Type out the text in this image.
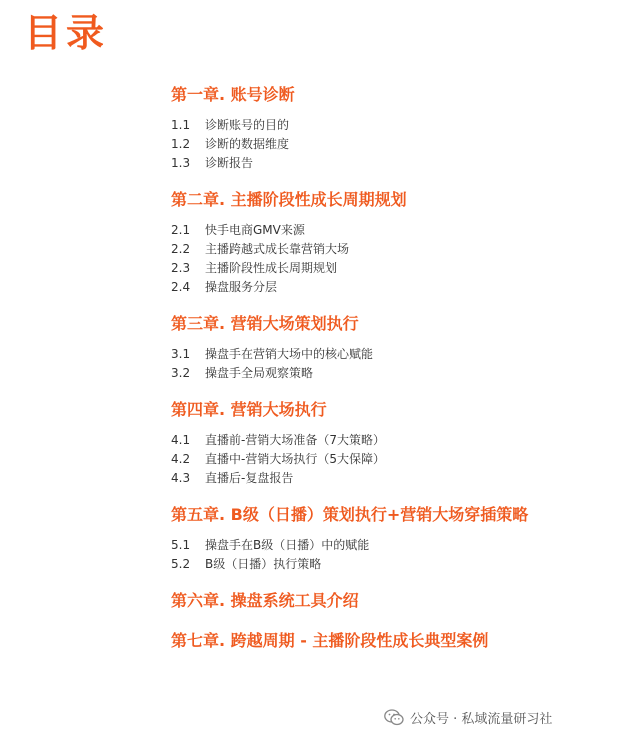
目录
第一章. 账号诊断
1.1	诊断账号的目的
1.2	诊断的数据维度
1.3	诊断报告
第二章. 主播阶段性成长周期规划
2.1	快手电商GMV来源
2.2	主播跨越式成长靠营销大场
2.3	主播阶段性成长周期规划
2.4	操盘服务分层
第三章. 营销大场策划执行
3.1	操盘手在营销大场中的核心赋能
3.2	操盘手全局观察策略
第四章. 营销大场执行
4.1	直播前-营销大场准备（7大策略）
4.2	直播中-营销大场执行（5大保障）
4.3	直播后-复盘报告
第五章. B级（日播）策划执行+营销大场穿插策略
5.1	操盘手在B级（日播）中的赋能
5.2	B级（日播）执行策略
第六章. 操盘系统工具介绍
第七章. 跨越周期 - 主播阶段性成长典型案例
公众号 · 私域流量研习社
